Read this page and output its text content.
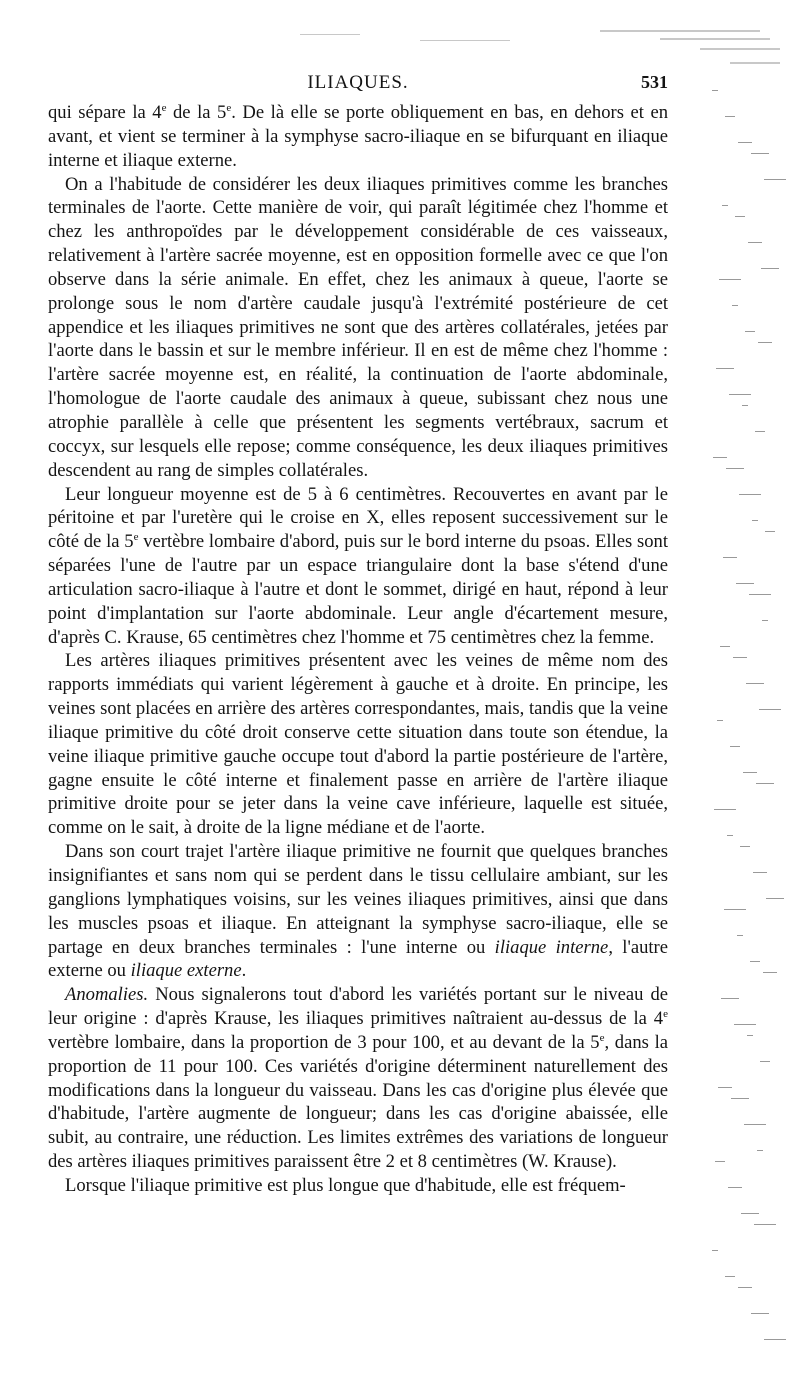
ILIAQUES.	531

qui sépare la 4e de la 5e. De là elle se porte obliquement en bas, en dehors et en avant, et vient se terminer à la symphyse sacro-iliaque en se bifurquant en iliaque interne et iliaque externe.

On a l'habitude de considérer les deux iliaques primitives comme les branches terminales de l'aorte. Cette manière de voir, qui paraît légitimée chez l'homme et chez les anthropoïdes par le développement considérable de ces vaisseaux, relativement à l'artère sacrée moyenne, est en opposition formelle avec ce que l'on observe dans la série animale. En effet, chez les animaux à queue, l'aorte se prolonge sous le nom d'artère caudale jusqu'à l'extrémité postérieure de cet appendice et les iliaques primitives ne sont que des artères collatérales, jetées par l'aorte dans le bassin et sur le membre inférieur. Il en est de même chez l'homme : l'artère sacrée moyenne est, en réalité, la continuation de l'aorte abdominale, l'homologue de l'aorte caudale des animaux à queue, subissant chez nous une atrophie parallèle à celle que présentent les segments vertébraux, sacrum et coccyx, sur lesquels elle repose; comme conséquence, les deux iliaques primitives descendent au rang de simples collatérales.

Leur longueur moyenne est de 5 à 6 centimètres. Recouvertes en avant par le péritoine et par l'uretère qui le croise en X, elles reposent successivement sur le côté de la 5e vertèbre lombaire d'abord, puis sur le bord interne du psoas. Elles sont séparées l'une de l'autre par un espace triangulaire dont la base s'étend d'une articulation sacro-iliaque à l'autre et dont le sommet, dirigé en haut, répond à leur point d'implantation sur l'aorte abdominale. Leur angle d'écartement mesure, d'après C. Krause, 65 centimètres chez l'homme et 75 centimètres chez la femme.

Les artères iliaques primitives présentent avec les veines de même nom des rapports immédiats qui varient légèrement à gauche et à droite. En principe, les veines sont placées en arrière des artères correspondantes, mais, tandis que la veine iliaque primitive du côté droit conserve cette situation dans toute son étendue, la veine iliaque primitive gauche occupe tout d'abord la partie postérieure de l'artère, gagne ensuite le côté interne et finalement passe en arrière de l'artère iliaque primitive droite pour se jeter dans la veine cave inférieure, laquelle est située, comme on le sait, à droite de la ligne médiane et de l'aorte.

Dans son court trajet l'artère iliaque primitive ne fournit que quelques branches insignifiantes et sans nom qui se perdent dans le tissu cellulaire ambiant, sur les ganglions lymphatiques voisins, sur les veines iliaques primitives, ainsi que dans les muscles psoas et iliaque. En atteignant la symphyse sacro-iliaque, elle se partage en deux branches terminales : l'une interne ou iliaque interne, l'autre externe ou iliaque externe.

Anomalies. Nous signalerons tout d'abord les variétés portant sur le niveau de leur origine : d'après Krause, les iliaques primitives naîtraient au-dessus de la 4e vertèbre lombaire, dans la proportion de 3 pour 100, et au devant de la 5e, dans la proportion de 11 pour 100. Ces variétés d'origine déterminent naturellement des modifications dans la longueur du vaisseau. Dans les cas d'origine plus élevée que d'habitude, l'artère augmente de longueur; dans les cas d'origine abaissée, elle subit, au contraire, une réduction. Les limites extrêmes des variations de longueur des artères iliaques primitives paraissent être 2 et 8 centimètres (W. Krause).

Lorsque l'iliaque primitive est plus longue que d'habitude, elle est fréquem-
